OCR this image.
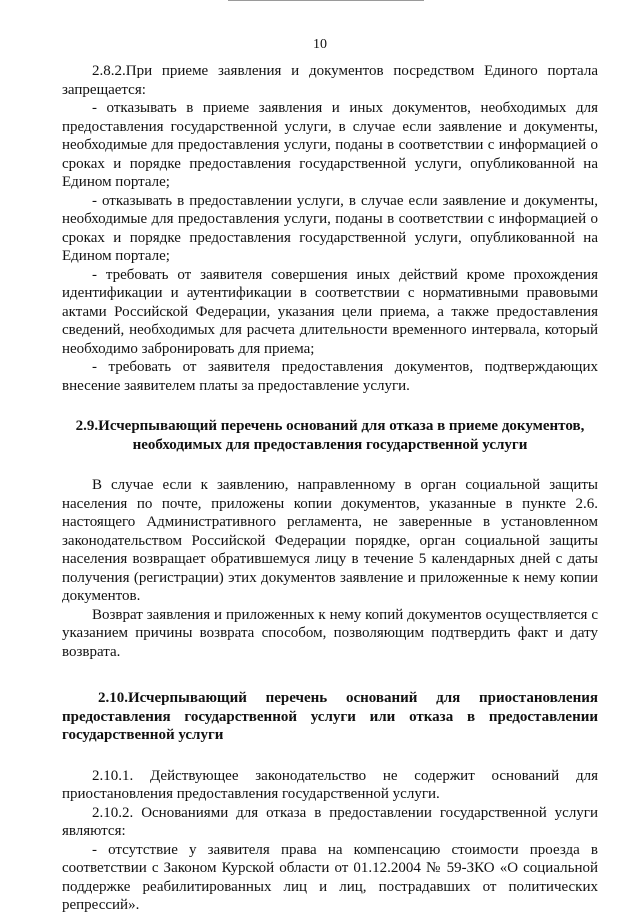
10

2.8.2.При приеме заявления и документов посредством Единого портала запрещается:

- отказывать в приеме заявления и иных документов, необходимых для предоставления государственной услуги, в случае если заявление и документы, необходимые для предоставления услуги, поданы в соответствии с информацией о сроках и порядке предоставления государственной услуги, опубликованной на Едином портале;

- отказывать в предоставлении услуги, в случае если заявление и документы, необходимые для предоставления услуги, поданы в соответствии с информацией о сроках и порядке предоставления государственной услуги, опубликованной на Едином портале;

- требовать от заявителя совершения иных действий кроме прохождения идентификации и аутентификации в соответствии с нормативными правовыми актами Российской Федерации, указания цели приема, а также предоставления сведений, необходимых для расчета длительности временного интервала, который необходимо забронировать для приема;

- требовать от заявителя предоставления документов, подтверждающих внесение заявителем платы за предоставление услуги.

2.9.Исчерпывающий перечень оснований для отказа в приеме документов, необходимых для предоставления государственной услуги

В случае если к заявлению, направленному в орган социальной защиты населения по почте, приложены копии документов, указанные в пункте 2.6. настоящего Административного регламента, не заверенные в установленном законодательством Российской Федерации порядке, орган социальной защиты населения возвращает обратившемуся лицу в течение 5 календарных дней с даты получения (регистрации) этих документов заявление и приложенные к нему копии документов.

Возврат заявления и приложенных к нему копий документов осуществляется с указанием причины возврата способом, позволяющим подтвердить факт и дату возврата.

2.10.Исчерпывающий перечень оснований для приостановления предоставления государственной услуги или отказа в предоставлении государственной услуги

2.10.1. Действующее законодательство не содержит оснований для приостановления предоставления государственной услуги.

2.10.2. Основаниями для отказа в предоставлении государственной услуги являются:

- отсутствие у заявителя права на компенсацию стоимости проезда в соответствии с Законом Курской области от 01.12.2004 № 59-ЗКО «О социальной поддержке реабилитированных лиц и лиц, пострадавших от политических репрессий».
